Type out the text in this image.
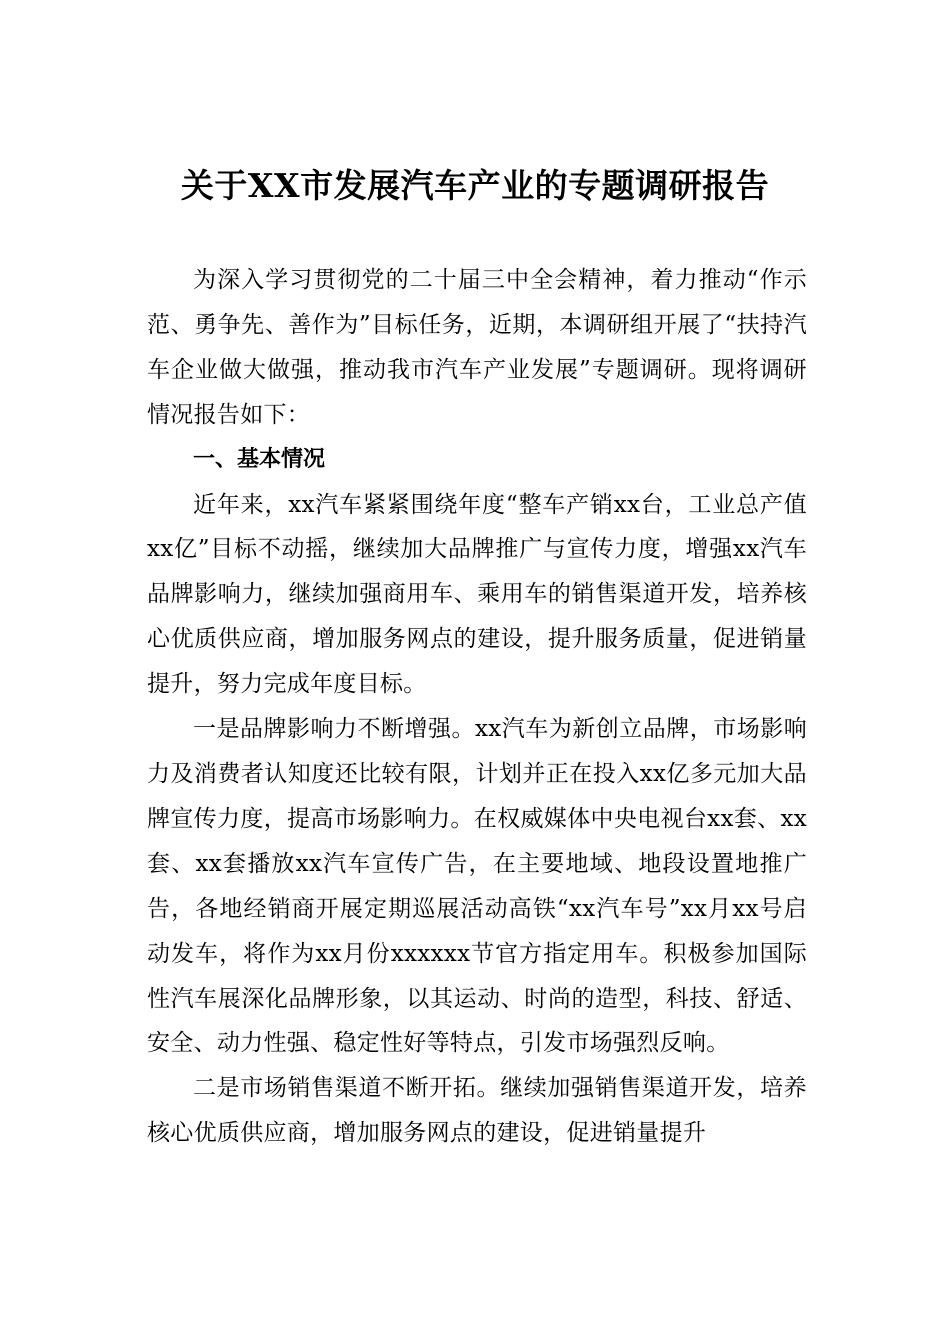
关于XX市发展汽车产业的专题调研报告

为深入学习贯彻党的二十届三中全会精神，着力推动“作示范、勇争先、善作为”目标任务，近期，本调研组开展了“扶持汽车企业做大做强，推动我市汽车产业发展”专题调研。现将调研情况报告如下：

一、基本情况

近年来，xx汽车紧紧围绕年度“整车产销xx台，工业总产值xx亿”目标不动摇，继续加大品牌推广与宣传力度，增强xx汽车品牌影响力，继续加强商用车、乘用车的销售渠道开发，培养核心优质供应商，增加服务网点的建设，提升服务质量，促进销量提升，努力完成年度目标。

一是品牌影响力不断增强。xx汽车为新创立品牌，市场影响力及消费者认知度还比较有限，计划并正在投入xx亿多元加大品牌宣传力度，提高市场影响力。在权威媒体中央电视台xx套、xx套、xx套播放xx汽车宣传广告，在主要地域、地段设置地推广告，各地经销商开展定期巡展活动高铁“xx汽车号”xx月xx号启动发车，将作为xx月份xxxxxx节官方指定用车。积极参加国际性汽车展深化品牌形象，以其运动、时尚的造型，科技、舒适、安全、动力性强、稳定性好等特点，引发市场强烈反响。

二是市场销售渠道不断开拓。继续加强销售渠道开发，培养核心优质供应商，增加服务网点的建设，促进销量提升
